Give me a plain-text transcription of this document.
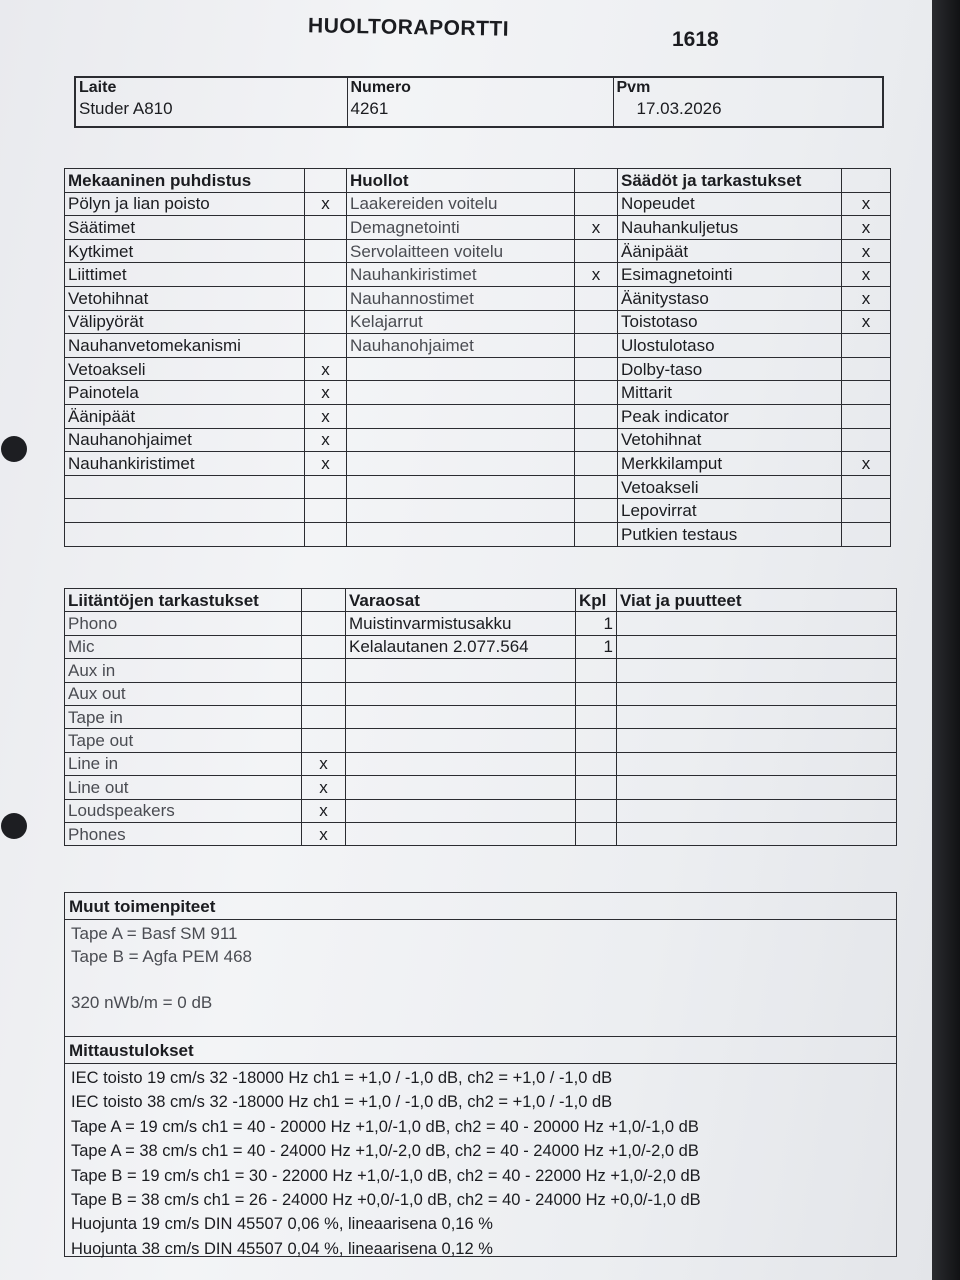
HUOLTORAPORTTI	1618
Laite
Studer A810

Numero
4261

Pvm
17.03.2026
Mekaaninen puhdistus		Huollot		Säädöt ja tarkastukset	
Pölyn ja lian poisto	x	Laakereiden voitelu		Nopeudet	x
Säätimet		Demagnetointi	x	Nauhankuljetus	x
Kytkimet		Servolaitteen voitelu		Äänipäät	x
Liittimet		Nauhankiristimet	x	Esimagnetointi	x
Vetohihnat		Nauhannostimet		Äänitystaso	x
Välipyörät		Kelajarrut		Toistotaso	x
Nauhanvetomekanismi		Nauhanohjaimet		Ulostulotaso	
Vetoakseli	x			Dolby-taso	
Painotela	x			Mittarit	
Äänipäät	x			Peak indicator	
Nauhanohjaimet	x			Vetohihnat	
Nauhankiristimet	x			Merkkilamput	x
				Vetoakseli	
				Lepovirrat	
				Putkien testaus	
Liitäntöjen tarkastukset		Varaosat	Kpl	Viat ja puutteet
Phono		Muistinvarmistusakku	1	
Mic		Kelalautanen 2.077.564	1	
Aux in				
Aux out				
Tape in				
Tape out				
Line in	x			
Line out	x			
Loudspeakers	x			
Phones	x			
Muut toimenpiteet
Tape A = Basf SM 911
Tape B = Agfa PEM 468
320 nWb/m = 0 dB
Mittaustulokset
IEC toisto 19 cm/s 32 -18000 Hz ch1 = +1,0 / -1,0 dB, ch2 = +1,0 / -1,0 dB
IEC toisto 38 cm/s 32 -18000 Hz ch1 = +1,0 / -1,0 dB, ch2 = +1,0 / -1,0 dB
Tape A = 19 cm/s ch1 = 40 - 20000 Hz +1,0/-1,0 dB, ch2 = 40 - 20000 Hz +1,0/-1,0 dB
Tape A = 38 cm/s ch1 = 40 - 24000 Hz +1,0/-2,0 dB, ch2 = 40 - 24000 Hz +1,0/-2,0 dB
Tape B = 19 cm/s ch1 = 30 - 22000 Hz +1,0/-1,0 dB, ch2 = 40 - 22000 Hz +1,0/-2,0 dB
Tape B = 38 cm/s ch1 = 26 - 24000 Hz +0,0/-1,0 dB, ch2 = 40 - 24000 Hz +0,0/-1,0 dB
Huojunta 19 cm/s DIN 45507 0,06 %, lineaarisena 0,16 %
Huojunta 38 cm/s DIN 45507 0,04 %, lineaarisena 0,12 %
